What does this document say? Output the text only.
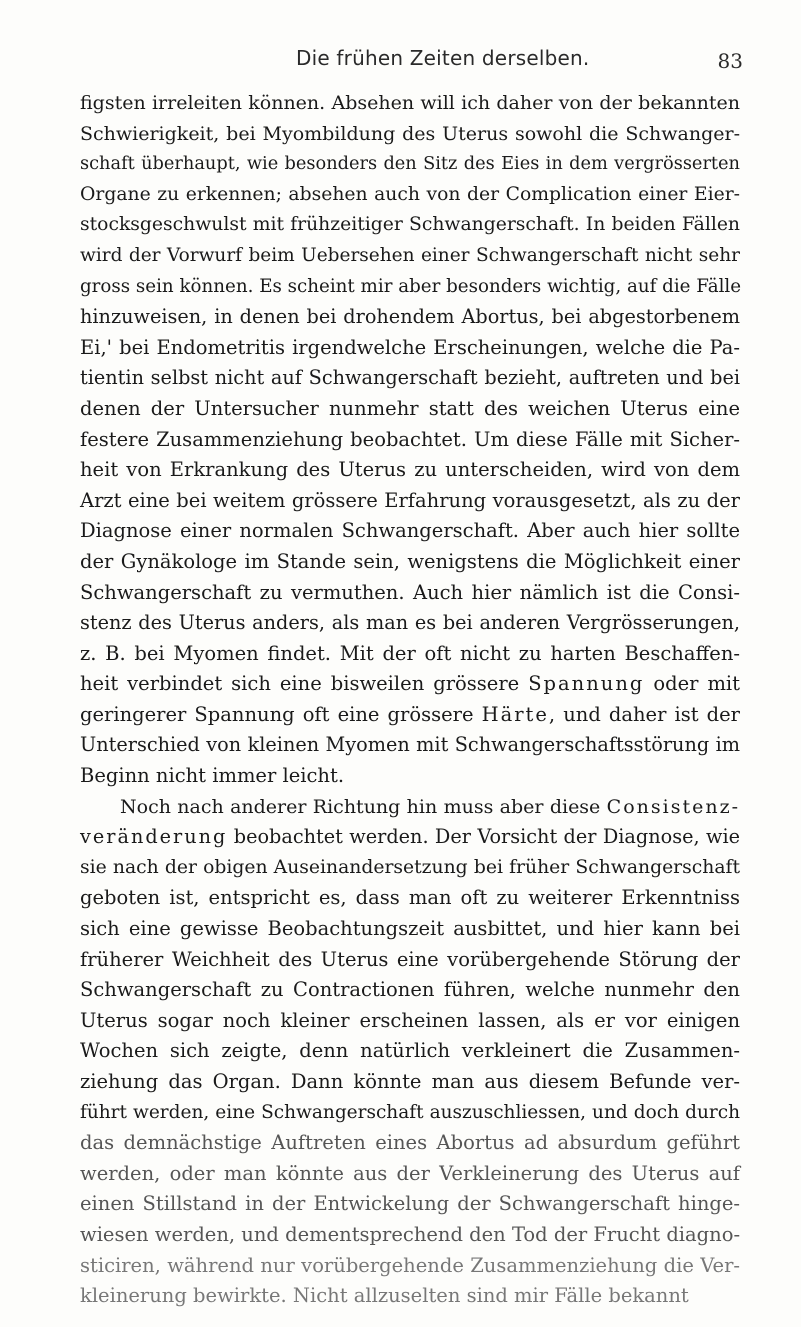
Die frühen Zeiten derselben.	83
figsten irreleiten können. Absehen will ich daher von der bekannten
Schwierigkeit, bei Myombildung des Uterus sowohl die Schwanger-
schaft überhaupt, wie besonders den Sitz des Eies in dem vergrösserten
Organe zu erkennen; absehen auch von der Complication einer Eier-
stocksgeschwulst mit frühzeitiger Schwangerschaft. In beiden Fällen
wird der Vorwurf beim Uebersehen einer Schwangerschaft nicht sehr
gross sein können. Es scheint mir aber besonders wichtig, auf die Fälle
hinzuweisen, in denen bei drohendem Abortus, bei abgestorbenem
Ei,' bei Endometritis irgendwelche Erscheinungen, welche die Pa-
tientin selbst nicht auf Schwangerschaft bezieht, auftreten und bei
denen der Untersucher nunmehr statt des weichen Uterus eine
festere Zusammenziehung beobachtet. Um diese Fälle mit Sicher-
heit von Erkrankung des Uterus zu unterscheiden, wird von dem
Arzt eine bei weitem grössere Erfahrung vorausgesetzt, als zu der
Diagnose einer normalen Schwangerschaft. Aber auch hier sollte
der Gynäkologe im Stande sein, wenigstens die Möglichkeit einer
Schwangerschaft zu vermuthen. Auch hier nämlich ist die Consi-
stenz des Uterus anders, als man es bei anderen Vergrösserungen,
z. B. bei Myomen findet. Mit der oft nicht zu harten Beschaffen-
heit verbindet sich eine bisweilen grössere Spannung oder mit
geringerer Spannung oft eine grössere Härte, und daher ist der
Unterschied von kleinen Myomen mit Schwangerschaftsstörung im
Beginn nicht immer leicht.
Noch nach anderer Richtung hin muss aber diese Consistenz-
veränderung beobachtet werden. Der Vorsicht der Diagnose, wie
sie nach der obigen Auseinandersetzung bei früher Schwangerschaft
geboten ist, entspricht es, dass man oft zu weiterer Erkenntniss
sich eine gewisse Beobachtungszeit ausbittet, und hier kann bei
früherer Weichheit des Uterus eine vorübergehende Störung der
Schwangerschaft zu Contractionen führen, welche nunmehr den
Uterus sogar noch kleiner erscheinen lassen, als er vor einigen
Wochen sich zeigte, denn natürlich verkleinert die Zusammen-
ziehung das Organ. Dann könnte man aus diesem Befunde ver-
führt werden, eine Schwangerschaft auszuschliessen, und doch durch
das demnächstige Auftreten eines Abortus ad absurdum geführt
werden, oder man könnte aus der Verkleinerung des Uterus auf
einen Stillstand in der Entwickelung der Schwangerschaft hinge-
wiesen werden, und dementsprechend den Tod der Frucht diagno-
sticiren, während nur vorübergehende Zusammenziehung die Ver-
kleinerung bewirkte. Nicht allzuselten sind mir Fälle bekannt
